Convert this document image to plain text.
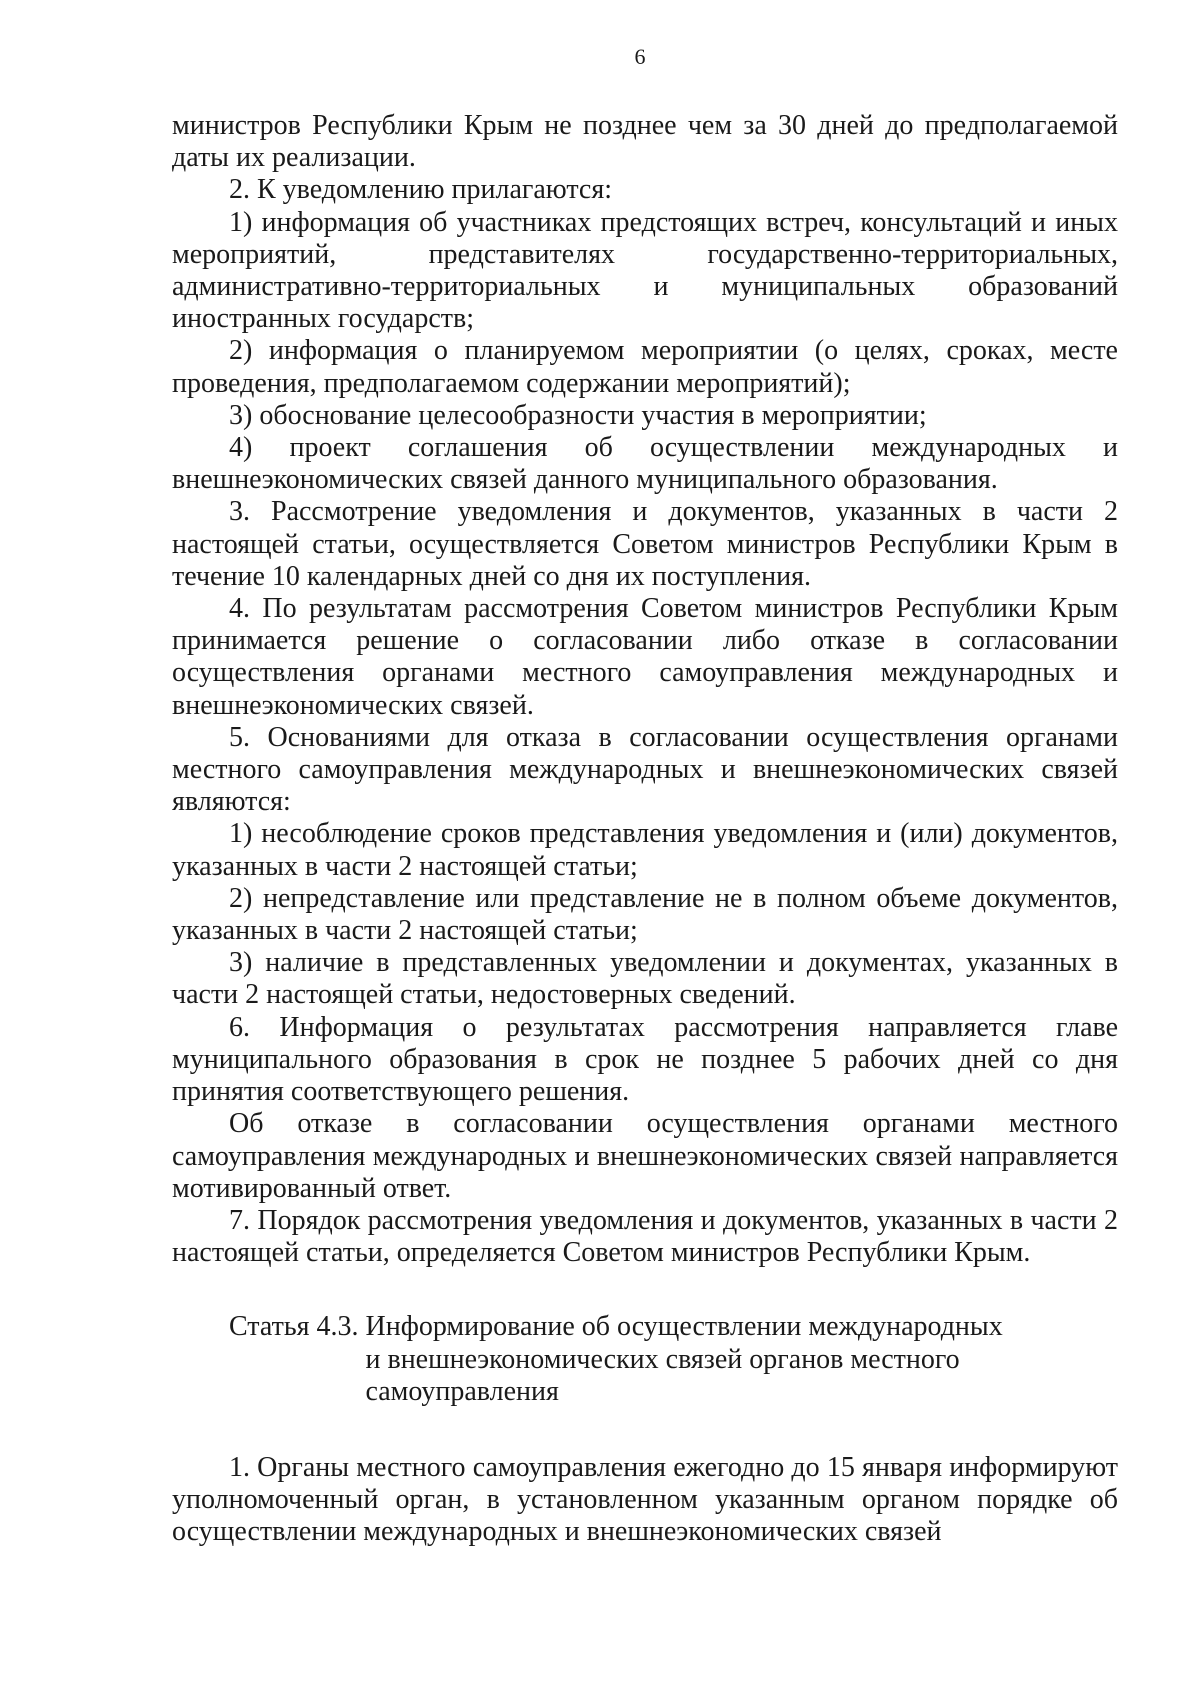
6

министров Республики Крым не позднее чем за 30 дней до предполагаемой даты их реализации.

2. К уведомлению прилагаются:

1) информация об участниках предстоящих встреч, консультаций и иных мероприятий, представителях государственно-территориальных, административно-территориальных и муниципальных образований иностранных государств;

2) информация о планируемом мероприятии (о целях, сроках, месте проведения, предполагаемом содержании мероприятий);

3) обоснование целесообразности участия в мероприятии;

4) проект соглашения об осуществлении международных и внешнеэкономических связей данного муниципального образования.

3. Рассмотрение уведомления и документов, указанных в части 2 настоящей статьи, осуществляется Советом министров Республики Крым в течение 10 календарных дней со дня их поступления.

4. По результатам рассмотрения Советом министров Республики Крым принимается решение о согласовании либо отказе в согласовании осуществления органами местного самоуправления международных и внешнеэкономических связей.

5. Основаниями для отказа в согласовании осуществления органами местного самоуправления международных и внешнеэкономических связей являются:

1) несоблюдение сроков представления уведомления и (или) документов, указанных в части 2 настоящей статьи;

2) непредставление или представление не в полном объеме документов, указанных в части 2 настоящей статьи;

3) наличие в представленных уведомлении и документах, указанных в части 2 настоящей статьи, недостоверных сведений.

6. Информация о результатах рассмотрения направляется главе муниципального образования в срок не позднее 5 рабочих дней со дня принятия соответствующего решения.

Об отказе в согласовании осуществления органами местного самоуправления международных и внешнеэкономических связей направляется мотивированный ответ.

7. Порядок рассмотрения уведомления и документов, указанных в части 2 настоящей статьи, определяется Советом министров Республики Крым.

Статья 4.3. Информирование об осуществлении международных
и внешнеэкономических связей органов местного
самоуправления

1. Органы местного самоуправления ежегодно до 15 января информируют уполномоченный орган, в установленном указанным органом порядке об осуществлении международных и внешнеэкономических связей
